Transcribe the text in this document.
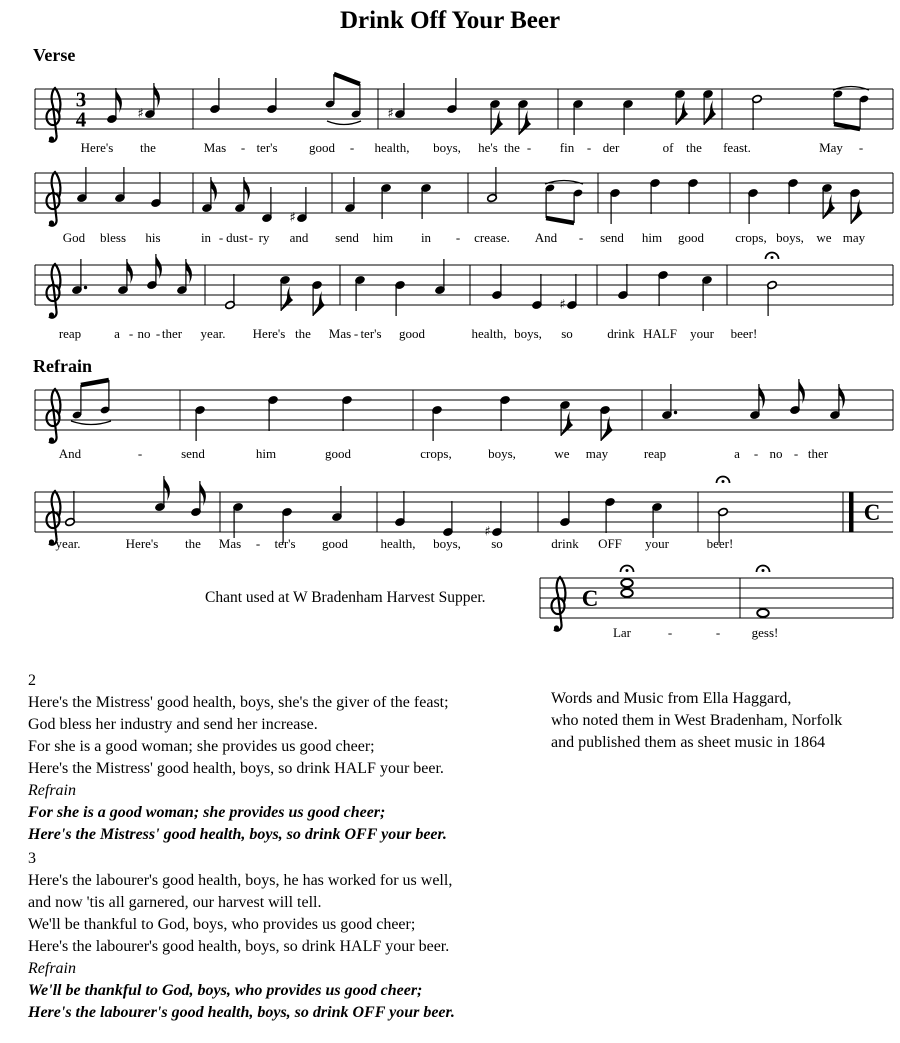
Drink Off Your Beer
Verse
Refrain
3
4	♯	♯
Here's the	Mas - ter's good - health, boys, he's the - fin - der	of the feast.	May -
♯
God bless his	in - dust - ry and send him in - crease. And - send him good crops, boys, we may
♯
reap	a - no - ther year. Here's the Mas - ter's good	health, boys, so	drink HALF your beer!
And	-	send	him	good	crops,	boys,	we may	reap	a - no - ther
C
♯
year.	Here's the Mas - ter's good health, boys, so	drink OFF your	beer!
C
Lar	-	- gess!
Chant used at W Bradenham Harvest Supper.
2
Here's the Mistress' good health, boys, she's the giver of the feast;
God bless her industry and send her increase.
For she is a good woman; she provides us good cheer;
Here's the Mistress' good health, boys, so drink HALF your beer.
Refrain
For she is a good woman; she provides us good cheer;
Here's the Mistress' good health, boys, so drink OFF your beer.
3
Here's the labourer's good health, boys, he has worked for us well,
and now 'tis all garnered, our harvest will tell.
We'll be thankful to God, boys, who provides us good cheer;
Here's the labourer's good health, boys, so drink HALF your beer.
Refrain
We'll be thankful to God, boys, who provides us good cheer;
Here's the labourer's good health, boys, so drink OFF your beer.
Words and Music from Ella Haggard,
who noted them in West Bradenham, Norfolk
and published them as sheet music in 1864
